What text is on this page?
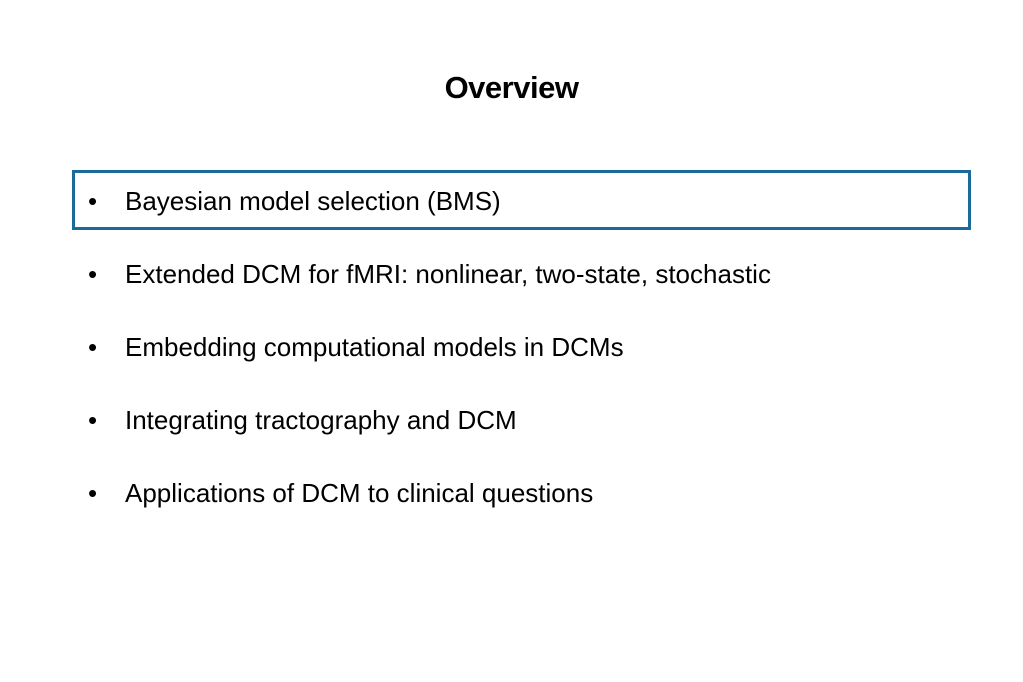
Overview
•	Bayesian model selection (BMS)
•	Extended DCM for fMRI: nonlinear, two-state, stochastic
•	Embedding computational models in DCMs
•	Integrating tractography and DCM
•	Applications of DCM to clinical questions
